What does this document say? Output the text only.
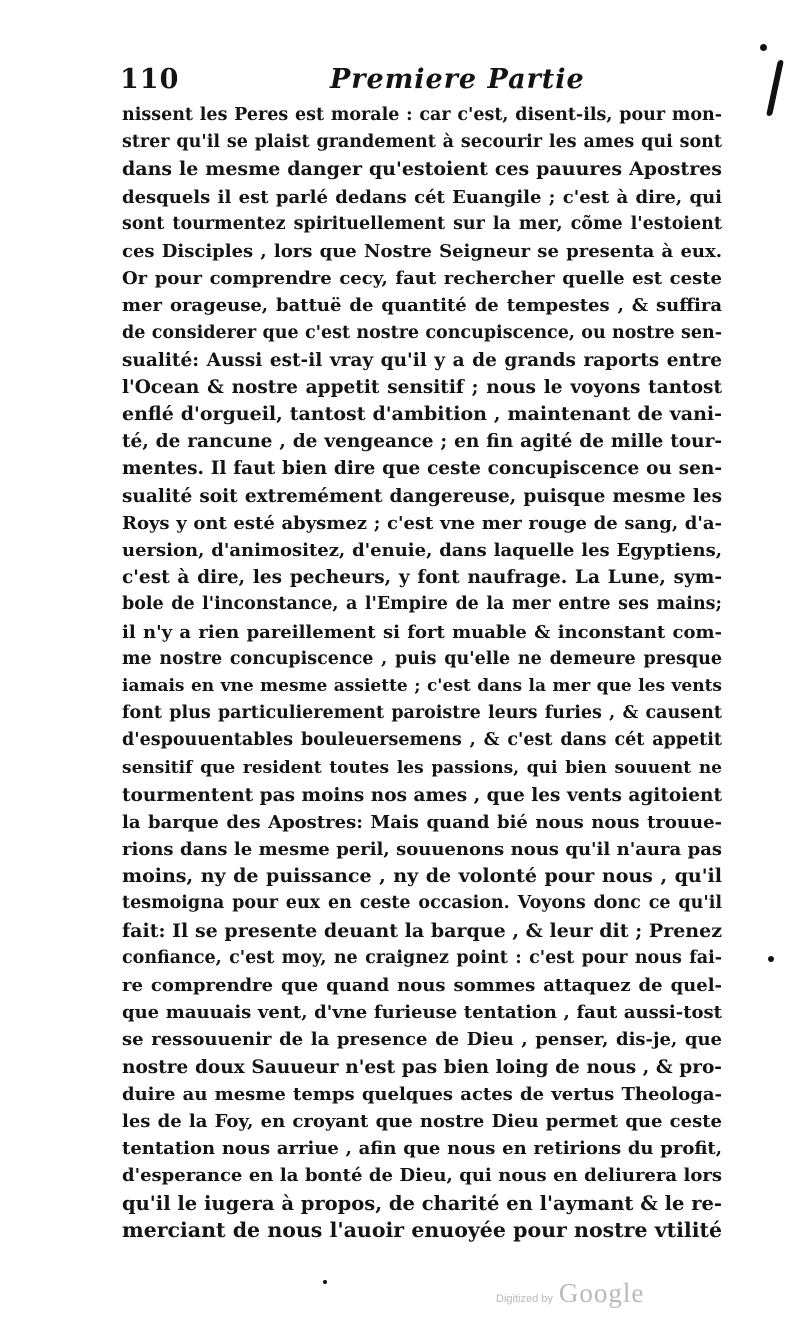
110	Premiere Partie
nissent les Peres est morale : car c'est, disent-ils, pour mon-
strer qu'il se plaist grandement à secourir les ames qui sont
dans le mesme danger qu'estoient ces pauures Apostres
desquels il est parlé dedans cét Euangile ; c'est à dire, qui
sont tourmentez spirituellement sur la mer, cõme l'estoient
ces Disciples , lors que Nostre Seigneur se presenta à eux.
Or pour comprendre cecy, faut rechercher quelle est ceste
mer orageuse, battuë de quantité de tempestes , & suffira
de considerer que c'est nostre concupiscence, ou nostre sen-
sualité: Aussi est-il vray qu'il y a de grands raports entre
l'Ocean & nostre appetit sensitif ; nous le voyons tantost
enflé d'orgueil, tantost d'ambition , maintenant de vani-
té, de rancune , de vengeance ; en fin agité de mille tour-
mentes. Il faut bien dire que ceste concupiscence ou sen-
sualité soit extremément dangereuse, puisque mesme les
Roys y ont esté abysmez ; c'est vne mer rouge de sang, d'a-
uersion, d'animositez, d'enuie, dans laquelle les Egyptiens,
c'est à dire, les pecheurs, y font naufrage. La Lune, sym-
bole de l'inconstance, a l'Empire de la mer entre ses mains;
il n'y a rien pareillement si fort muable & inconstant com-
me nostre concupiscence , puis qu'elle ne demeure presque
iamais en vne mesme assiette ; c'est dans la mer que les vents
font plus particulierement paroistre leurs furies , & causent
d'espouuentables bouleuersemens , & c'est dans cét appetit
sensitif que resident toutes les passions, qui bien souuent ne
tourmentent pas moins nos ames , que les vents agitoient
la barque des Apostres: Mais quand bié nous nous trouue-
rions dans le mesme peril, souuenons nous qu'il n'aura pas
moins, ny de puissance , ny de volonté pour nous , qu'il
tesmoigna pour eux en ceste occasion. Voyons donc ce qu'il
fait: Il se presente deuant la barque , & leur dit ; Prenez
confiance, c'est moy, ne craignez point : c'est pour nous fai-
re comprendre que quand nous sommes attaquez de quel-
que mauuais vent, d'vne furieuse tentation , faut aussi-tost
se ressouuenir de la presence de Dieu , penser, dis-je, que
nostre doux Sauueur n'est pas bien loing de nous , & pro-
duire au mesme temps quelques actes de vertus Theologa-
les de la Foy, en croyant que nostre Dieu permet que ceste
tentation nous arriue , afin que nous en retirions du profit,
d'esperance en la bonté de Dieu, qui nous en deliurera lors
qu'il le iugera à propos, de charité en l'aymant & le re-
merciant de nous l'auoir enuoyée pour nostre vtilité
Digitized by Google
